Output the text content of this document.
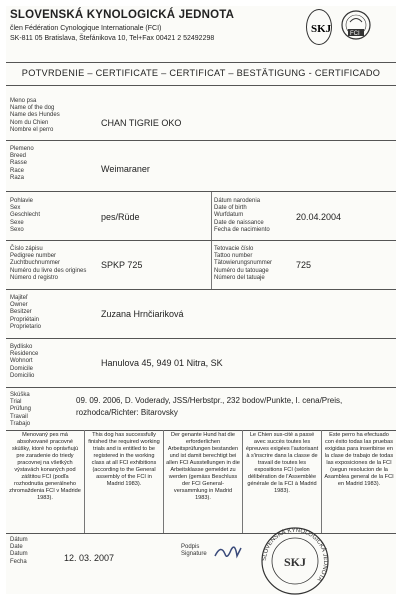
SLOVENSKÁ KYNOLOGICKÁ JEDNOTA
člen Fédération Cynologique Internationale (FCI)
SK-811 05 Bratislava, Štefánikova 10, Tel+Fax 00421 2 52492298
SKJ	FCI
POTVRDENIE – CERTIFICATE – CERTIFICAT – BESTÄTIGUNG - CERTIFICADO
Meno psa
Name of the dog
Name des Hundes
Nom du Chien
Nombre el perro
CHAN TIGRIE OKO
Plemeno
Breed
Rasse
Race
Raza
Weimaraner
Pohlavie
Sex
Geschlecht
Sexe
Sexo
pes/Rüde
Dátum narodenia
Date of birth
Wurfdatum
Date de naissance
Fecha de nacimiento
20.04.2004
Číslo zápisu
Pedigree number
Zuchtbuchnummer
Numéro du livre des origines
Número d registro
SPKP 725
Tetovacie číslo
Tattoo number
Tätowierungsnummer
Numéro du tatouage
Número del tatuaje
725
Majiteľ
Owner
Besitzer
Propriétain
Proprietario
Zuzana Hrnčiariková
Bydlisko
Residence
Wohnort
Domicile
Domicilio
Hanulova 45, 949 01 Nitra, SK
Skúška
Trial
Prüfung
Travail
Trabajo
09. 09. 2006, D. Voderady, JSS/Herbstpr., 232 bodov/Punkte, I. cena/Preis,
rozhodca/Richter: Bitarovsky
Menovaný pes má absolvované pracovné skúšky, ktoré ho oprávňujú pre zaradenie do triedy pracovnej na všetkých výstavách konaných pod záštitou FCI (podľa rozhodnutia generálneho zhromaždenia FCI v Madride 1983).
This dog has successfully finished the required working trials and is entitled to be registered in the working class at all FCI exhibitions (according to the General assembly of the FCI in Madrid 1983).
Der genante Hund hat die erforderlichen Arbeitsprüfungen bestanden und ist damit berechtigt bei allen FCI Ausstellungen in die Arbeitsklasse gemeldet zu werden (gemäss Beschluss der FCI General-versammlung in Madrid 1983).
Le Chien sus-cité a passé avec succès toutes les épreuves exigées l'autorisant à s'inscrire dans la classe de travail de toutes les expositions FCI (selon délibération de l'Assemblée générale de la FCI à Madrid 1983).
Este perro ha efectuado con éxito todas las pruebas exigidas para inseribirse en la clase de trabajo de todas las exposiciones de la FCI (segun resolucion de la Asamblea general de la FCI en Madrid 1983).
Dátum
Date
Datum
Fecha	12. 03. 2007
Podpis
Signature
SLOVENSKÁ KYNOLOGICKÁ JEDNOTA
SKJ
